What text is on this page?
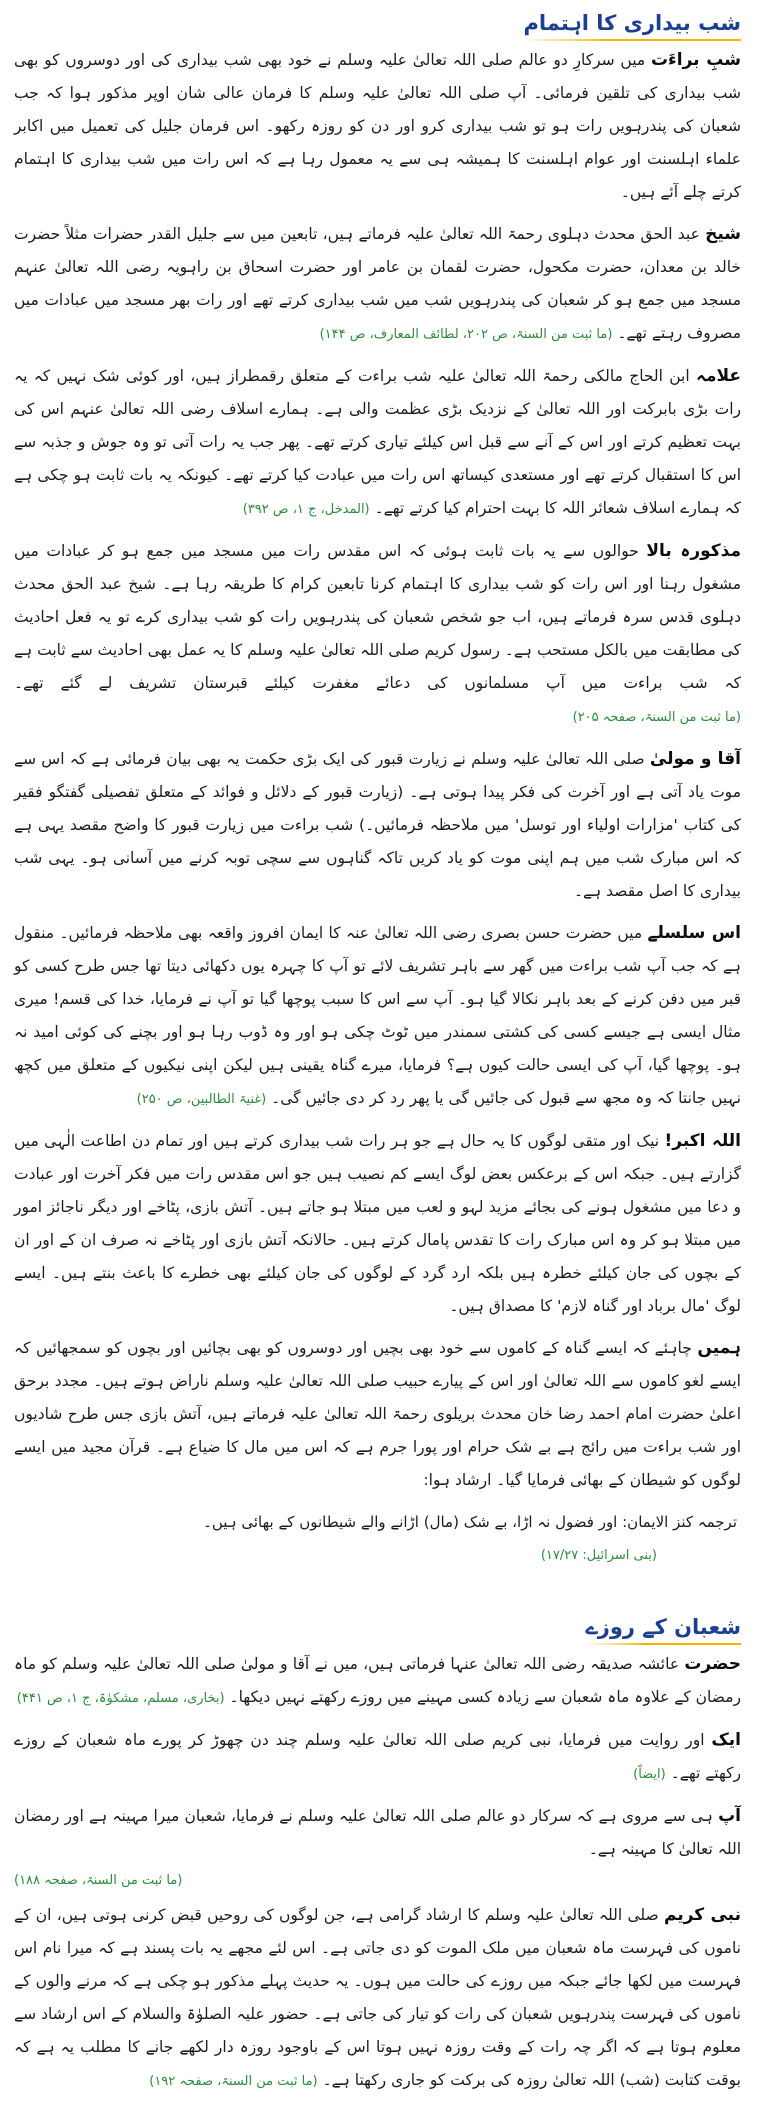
شب بیداری کا اہتمام

شبِ براءَت میں سرکارِ دو عالم صلی اللہ تعالیٰ علیہ وسلم نے خود بھی شب بیداری کی اور دوسروں کو بھی شب بیداری کی تلقین فرمائی۔ آپ صلی اللہ تعالیٰ علیہ وسلم کا فرمان عالی شان اوپر مذکور ہوا کہ جب شعبان کی پندرہویں رات ہو تو شب بیداری کرو اور دن کو روزہ رکھو۔ اس فرمان جلیل کی تعمیل میں اکابر علماء اہلسنت اور عوام اہلسنت کا ہمیشہ ہی سے یہ معمول رہا ہے کہ اس رات میں شب بیداری کا اہتمام کرتے چلے آئے ہیں۔

شیخ عبد الحق محدث دہلوی رحمۃ اللہ تعالیٰ علیہ فرماتے ہیں، تابعین میں سے جلیل القدر حضرات مثلاً حضرت خالد بن معدان، حضرت مکحول، حضرت لقمان بن عامر اور حضرت اسحاق بن راہویہ رضی اللہ تعالیٰ عنہم مسجد میں جمع ہو کر شعبان کی پندرہویں شب میں شب بیداری کرتے تھے اور رات بھر مسجد میں عبادات میں مصروف رہتے تھے۔ (ما ثبت من السنۃ، ص ۲۰۲، لطائف المعارف، ص ۱۴۴)

علامہ ابن الحاج مالکی رحمۃ اللہ تعالیٰ علیہ شب براءت کے متعلق رقمطراز ہیں، اور کوئی شک نہیں کہ یہ رات بڑی بابرکت اور اللہ تعالیٰ کے نزدیک بڑی عظمت والی ہے۔ ہمارے اسلاف رضی اللہ تعالیٰ عنہم اس کی بہت تعظیم کرتے اور اس کے آنے سے قبل اس کیلئے تیاری کرتے تھے۔ پھر جب یہ رات آتی تو وہ جوش و جذبہ سے اس کا استقبال کرتے تھے اور مستعدی کیساتھ اس رات میں عبادت کیا کرتے تھے۔ کیونکہ یہ بات ثابت ہو چکی ہے کہ ہمارے اسلاف شعائر اللہ کا بہت احترام کیا کرتے تھے۔ (المدخل، ج ۱، ص ۳۹۲)

مذکورہ بالا حوالوں سے یہ بات ثابت ہوئی کہ اس مقدس رات میں مسجد میں جمع ہو کر عبادات میں مشغول رہنا اور اس رات کو شب بیداری کا اہتمام کرنا تابعین کرام کا طریقہ رہا ہے۔ شیخ عبد الحق محدث دہلوی قدس سرہ فرماتے ہیں، اب جو شخص شعبان کی پندرہویں رات کو شب بیداری کرے تو یہ فعل احادیث کی مطابقت میں بالکل مستحب ہے۔ رسول کریم صلی اللہ تعالیٰ علیہ وسلم کا یہ عمل بھی احادیث سے ثابت ہے کہ شب براءت میں آپ مسلمانوں کی دعائے مغفرت کیلئے قبرستان تشریف لے گئے تھے۔ (ما ثبت من السنۃ، صفحہ ۲۰۵)

آقا و مولیٰ صلی اللہ تعالیٰ علیہ وسلم نے زیارت قبور کی ایک بڑی حکمت یہ بھی بیان فرمائی ہے کہ اس سے موت یاد آتی ہے اور آخرت کی فکر پیدا ہوتی ہے۔ (زیارت قبور کے دلائل و فوائد کے متعلق تفصیلی گفتگو فقیر کی کتاب 'مزارات اولیاء اور توسل' میں ملاحظہ فرمائیں۔) شب براءت میں زیارت قبور کا واضح مقصد یہی ہے کہ اس مبارک شب میں ہم اپنی موت کو یاد کریں تاکہ گناہوں سے سچی توبہ کرنے میں آسانی ہو۔ یہی شب بیداری کا اصل مقصد ہے۔

اس سلسلے میں حضرت حسن بصری رضی اللہ تعالیٰ عنہ کا ایمان افروز واقعہ بھی ملاحظہ فرمائیں۔ منقول ہے کہ جب آپ شب براءت میں گھر سے باہر تشریف لائے تو آپ کا چہرہ یوں دکھائی دیتا تھا جس طرح کسی کو قبر میں دفن کرنے کے بعد باہر نکالا گیا ہو۔ آپ سے اس کا سبب پوچھا گیا تو آپ نے فرمایا، خدا کی قسم! میری مثال ایسی ہے جیسے کسی کی کشتی سمندر میں ٹوٹ چکی ہو اور وہ ڈوب رہا ہو اور بچنے کی کوئی امید نہ ہو۔ پوچھا گیا، آپ کی ایسی حالت کیوں ہے؟ فرمایا، میرے گناہ یقینی ہیں لیکن اپنی نیکیوں کے متعلق میں کچھ نہیں جانتا کہ وہ مجھ سے قبول کی جائیں گی یا پھر رد کر دی جائیں گی۔ (غنیۃ الطالبین، ص ۲۵۰)

اللہ اکبر! نیک اور متقی لوگوں کا یہ حال ہے جو ہر رات شب بیداری کرتے ہیں اور تمام دن اطاعت الٰہی میں گزارتے ہیں۔ جبکہ اس کے برعکس بعض لوگ ایسے کم نصیب ہیں جو اس مقدس رات میں فکر آخرت اور عبادت و دعا میں مشغول ہونے کی بجائے مزید لہو و لعب میں مبتلا ہو جاتے ہیں۔ آتش بازی، پٹاخے اور دیگر ناجائز امور میں مبتلا ہو کر وہ اس مبارک رات کا تقدس پامال کرتے ہیں۔ حالانکہ آتش بازی اور پٹاخے نہ صرف ان کے اور ان کے بچوں کی جان کیلئے خطرہ ہیں بلکہ ارد گرد کے لوگوں کی جان کیلئے بھی خطرے کا باعث بنتے ہیں۔ ایسے لوگ 'مال برباد اور گناہ لازم' کا مصداق ہیں۔

ہمیں چاہئے کہ ایسے گناہ کے کاموں سے خود بھی بچیں اور دوسروں کو بھی بچائیں اور بچوں کو سمجھائیں کہ ایسے لغو کاموں سے اللہ تعالیٰ اور اس کے پیارے حبیب صلی اللہ تعالیٰ علیہ وسلم ناراض ہوتے ہیں۔ مجدد برحق اعلیٰ حضرت امام احمد رضا خان محدث بریلوی رحمۃ اللہ تعالیٰ علیہ فرماتے ہیں، آتش بازی جس طرح شادیوں اور شب براءت میں رائج ہے بے شک حرام اور پورا جرم ہے کہ اس میں مال کا ضیاع ہے۔ قرآن مجید میں ایسے لوگوں کو شیطان کے بھائی فرمایا گیا۔ ارشاد ہوا:

ترجمہ کنز الایمان: اور فضول نہ اڑا، بے شک (مال) اڑانے والے شیطانوں کے بھائی ہیں۔ (بنی اسرائیل: ۱۷/۲۷)

شعبان کے روزے

حضرت عائشہ صدیقہ رضی اللہ تعالیٰ عنہا فرماتی ہیں، میں نے آقا و مولیٰ صلی اللہ تعالیٰ علیہ وسلم کو ماہ رمضان کے علاوہ ماہ شعبان سے زیادہ کسی مہینے میں روزے رکھتے نہیں دیکھا۔ (بخاری، مسلم، مشکوٰۃ، ج ۱، ص ۴۴۱)

ایک اور روایت میں فرمایا، نبی کریم صلی اللہ تعالیٰ علیہ وسلم چند دن چھوڑ کر پورے ماہ شعبان کے روزے رکھتے تھے۔ (ایضاً)

آپ ہی سے مروی ہے کہ سرکار دو عالم صلی اللہ تعالیٰ علیہ وسلم نے فرمایا، شعبان میرا مہینہ ہے اور رمضان اللہ تعالیٰ کا مہینہ ہے۔

(ما ثبت من السنۃ، صفحہ ۱۸۸)

نبی کریم صلی اللہ تعالیٰ علیہ وسلم کا ارشاد گرامی ہے، جن لوگوں کی روحیں قبض کرنی ہوتی ہیں، ان کے ناموں کی فہرست ماہ شعبان میں ملک الموت کو دی جاتی ہے۔ اس لئے مجھے یہ بات پسند ہے کہ میرا نام اس فہرست میں لکھا جائے جبکہ میں روزے کی حالت میں ہوں۔ یہ حدیث پہلے مذکور ہو چکی ہے کہ مرنے والوں کے ناموں کی فہرست پندرہویں شعبان کی رات کو تیار کی جاتی ہے۔ حضور علیہ الصلوٰۃ والسلام کے اس ارشاد سے معلوم ہوتا ہے کہ اگر چہ رات کے وقت روزہ نہیں ہوتا اس کے باوجود روزہ دار لکھے جانے کا مطلب یہ ہے کہ بوقت کتابت (شب) اللہ تعالیٰ روزہ کی برکت کو جاری رکھتا ہے۔ (ما ثبت من السنۃ، صفحہ ۱۹۲)
